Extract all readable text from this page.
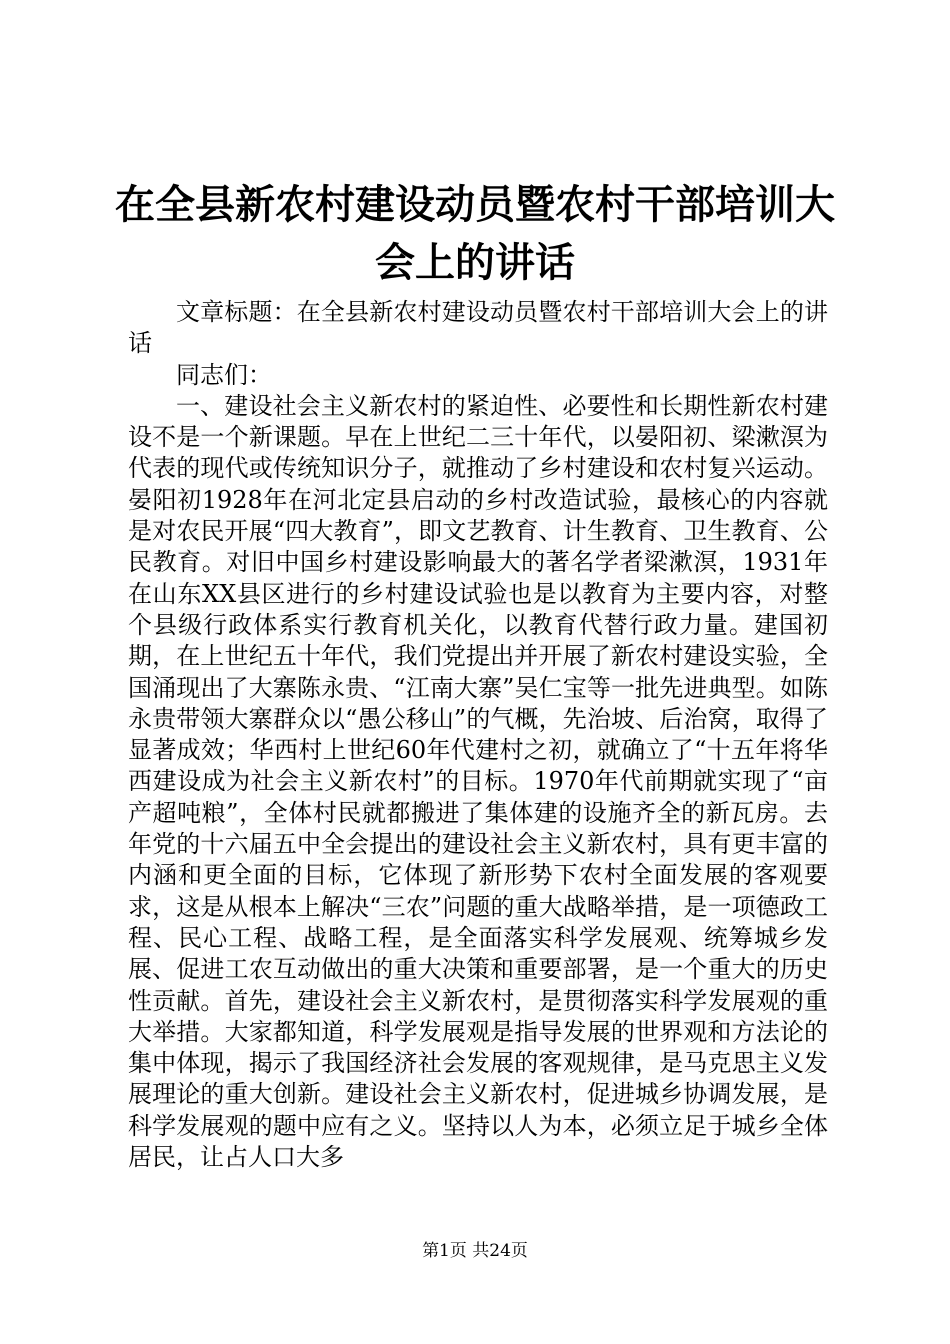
在全县新农村建设动员暨农村干部培训大会上的讲话

文章标题：在全县新农村建设动员暨农村干部培训大会上的讲话

同志们：

一、建设社会主义新农村的紧迫性、必要性和长期性新农村建设不是一个新课题。早在上世纪二三十年代，以晏阳初、梁漱溟为代表的现代或传统知识分子，就推动了乡村建设和农村复兴运动。晏阳初1928年在河北定县启动的乡村改造试验，最核心的内容就是对农民开展“四大教育”，即文艺教育、计生教育、卫生教育、公民教育。对旧中国乡村建设影响最大的著名学者梁漱溟，1931年在山东XX县区进行的乡村建设试验也是以教育为主要内容，对整个县级行政体系实行教育机关化，以教育代替行政力量。建国初期，在上世纪五十年代，我们党提出并开展了新农村建设实验，全国涌现出了大寨陈永贵、“江南大寨”吴仁宝等一批先进典型。如陈永贵带领大寨群众以“愚公移山”的气概，先治坡、后治窝，取得了显著成效；华西村上世纪60年代建村之初，就确立了“十五年将华西建设成为社会主义新农村”的目标。1970年代前期就实现了“亩产超吨粮”，全体村民就都搬进了集体建的设施齐全的新瓦房。去年党的十六届五中全会提出的建设社会主义新农村，具有更丰富的内涵和更全面的目标，它体现了新形势下农村全面发展的客观要求，这是从根本上解决“三农”问题的重大战略举措，是一项德政工程、民心工程、战略工程，是全面落实科学发展观、统筹城乡发展、促进工农互动做出的重大决策和重要部署，是一个重大的历史性贡献。首先，建设社会主义新农村，是贯彻落实科学发展观的重大举措。大家都知道，科学发展观是指导发展的世界观和方法论的集中体现，揭示了我国经济社会发展的客观规律，是马克思主义发展理论的重大创新。建设社会主义新农村，促进城乡协调发展，是科学发展观的题中应有之义。坚持以人为本，必须立足于城乡全体居民，让占人口大多

第1页 共24页
